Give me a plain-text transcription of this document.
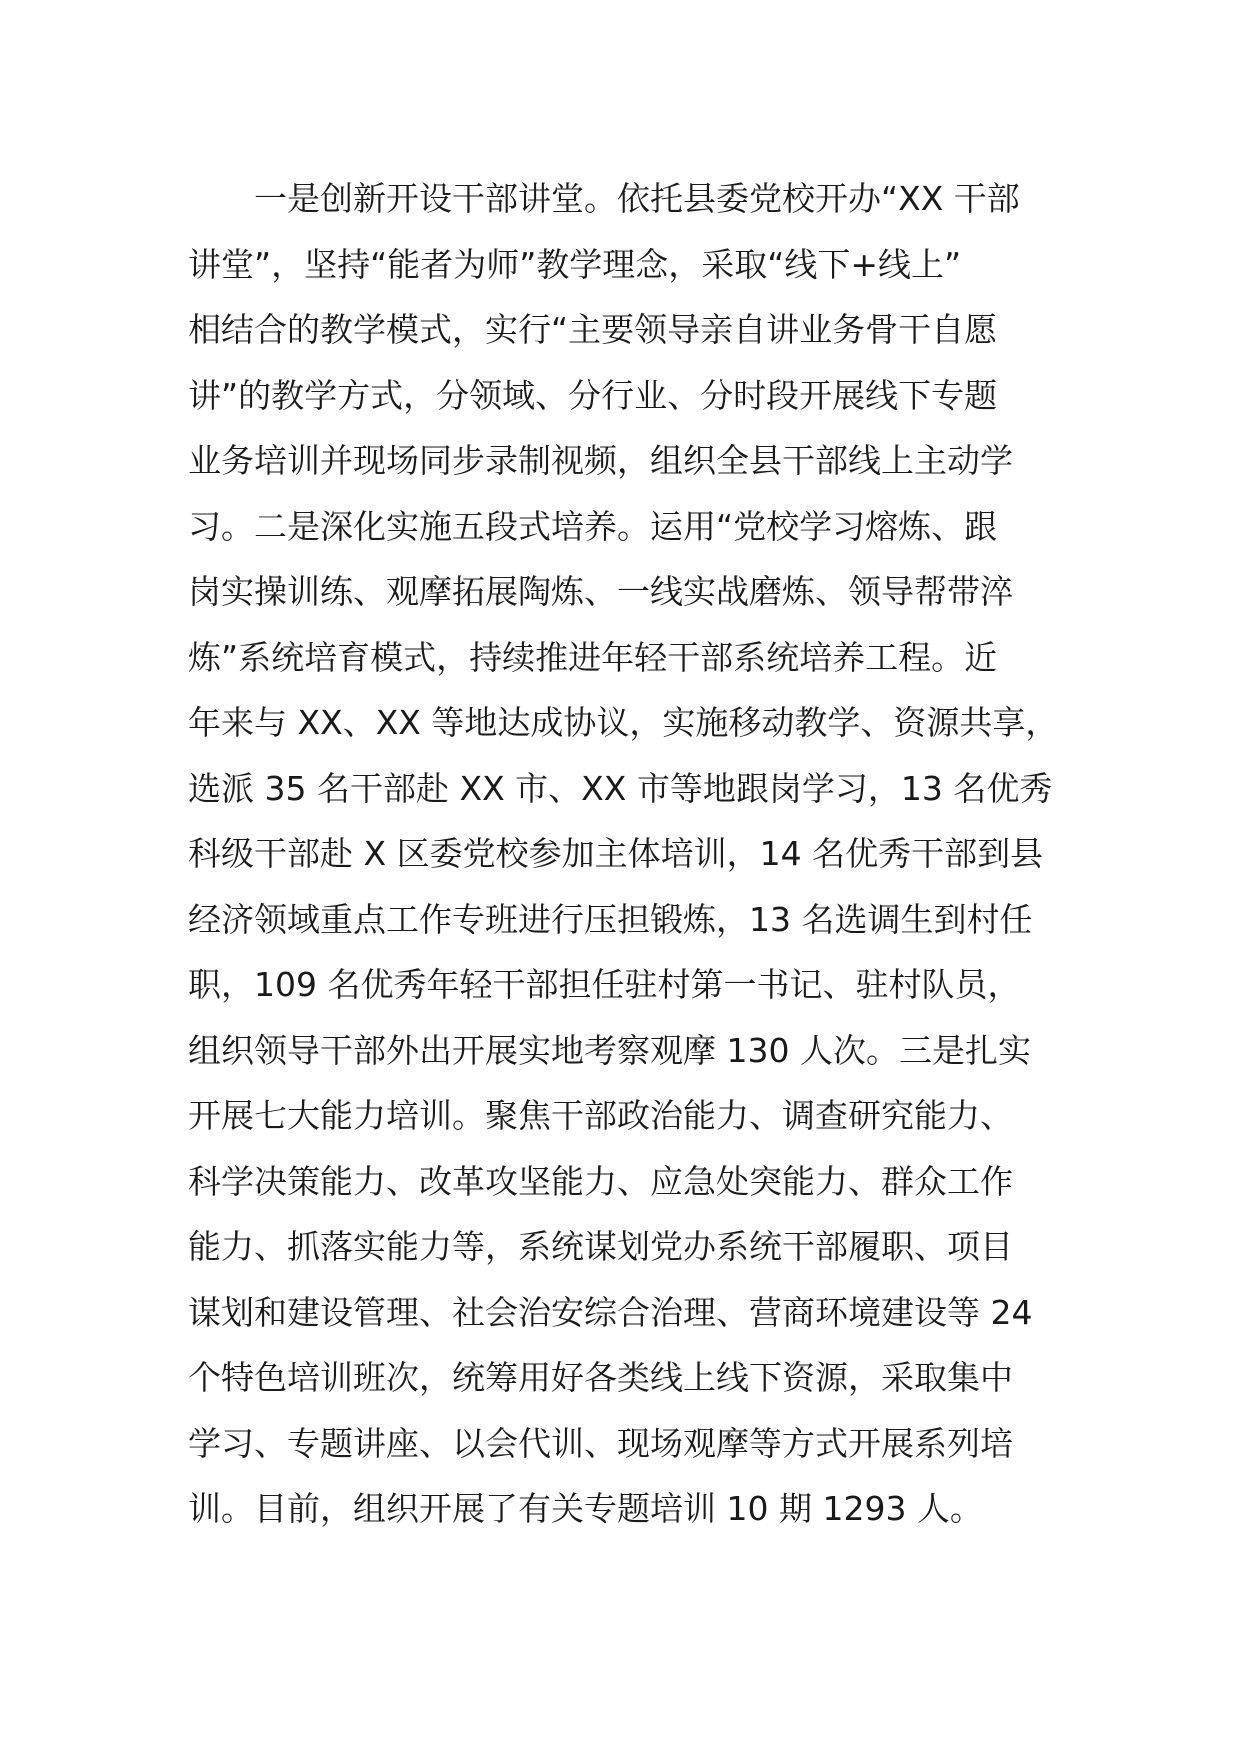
一是创新开设干部讲堂。依托县委党校开办“XX 干部
讲堂”，坚持“能者为师”教学理念，采取“线下+线上”
相结合的教学模式，实行“主要领导亲自讲业务骨干自愿
讲”的教学方式，分领域、分行业、分时段开展线下专题
业务培训并现场同步录制视频，组织全县干部线上主动学
习。二是深化实施五段式培养。运用“党校学习熔炼、跟
岗实操训练、观摩拓展陶炼、一线实战磨炼、领导帮带淬
炼”系统培育模式，持续推进年轻干部系统培养工程。近
年来与 XX、XX 等地达成协议，实施移动教学、资源共享，
选派 35 名干部赴 XX 市、XX 市等地跟岗学习，13 名优秀
科级干部赴 X 区委党校参加主体培训，14 名优秀干部到县
经济领域重点工作专班进行压担锻炼，13 名选调生到村任
职，109 名优秀年轻干部担任驻村第一书记、驻村队员，
组织领导干部外出开展实地考察观摩 130 人次。三是扎实
开展七大能力培训。聚焦干部政治能力、调查研究能力、
科学决策能力、改革攻坚能力、应急处突能力、群众工作
能力、抓落实能力等，系统谋划党办系统干部履职、项目
谋划和建设管理、社会治安综合治理、营商环境建设等 24
个特色培训班次，统筹用好各类线上线下资源，采取集中
学习、专题讲座、以会代训、现场观摩等方式开展系列培
训。目前，组织开展了有关专题培训 10 期 1293 人。
